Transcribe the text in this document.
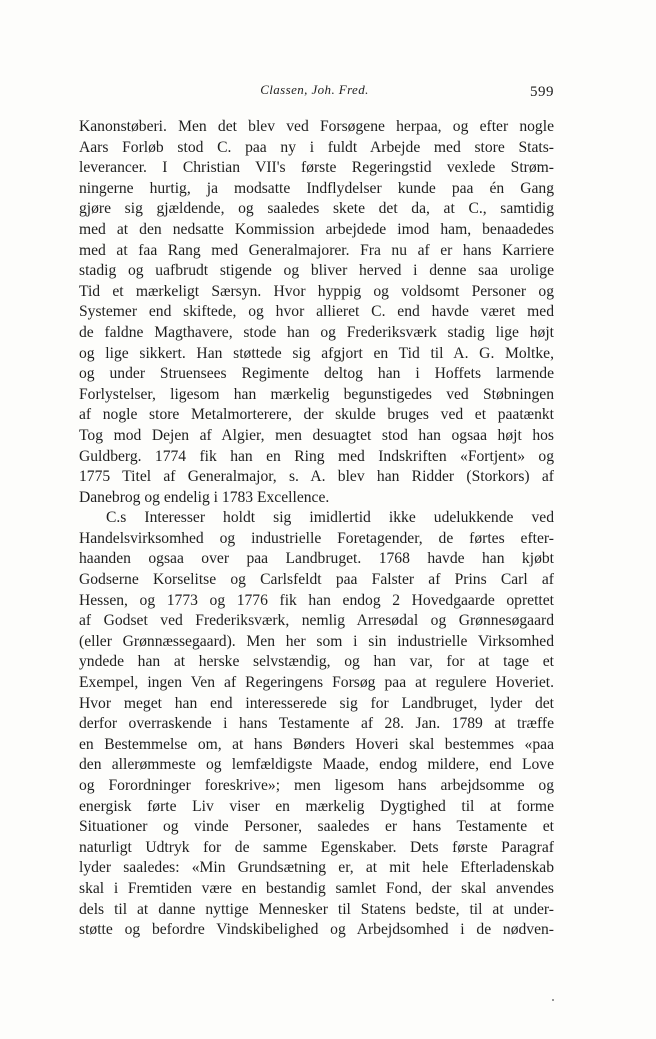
Classen, Joh. Fred.	599
Kanonstøberi. Men det blev ved Forsøgene herpaa, og efter nogle
Aars Forløb stod C. paa ny i fuldt Arbejde med store Stats-
leverancer. I Christian VII's første Regeringstid vexlede Strøm-
ningerne hurtig, ja modsatte Indflydelser kunde paa én Gang
gjøre sig gjældende, og saaledes skete det da, at C., samtidig
med at den nedsatte Kommission arbejdede imod ham, benaadedes
med at faa Rang med Generalmajorer. Fra nu af er hans Karriere
stadig og uafbrudt stigende og bliver herved i denne saa urolige
Tid et mærkeligt Særsyn. Hvor hyppig og voldsomt Personer og
Systemer end skiftede, og hvor allieret C. end havde været med
de faldne Magthavere, stode han og Frederiksværk stadig lige højt
og lige sikkert. Han støttede sig afgjort en Tid til A. G. Moltke,
og under Struensees Regimente deltog han i Hoffets larmende
Forlystelser, ligesom han mærkelig begunstigedes ved Støbningen
af nogle store Metalmorterere, der skulde bruges ved et paatænkt
Tog mod Dejen af Algier, men desuagtet stod han ogsaa højt hos
Guldberg. 1774 fik han en Ring med Indskriften «Fortjent» og
1775 Titel af Generalmajor, s. A. blev han Ridder (Storkors) af
Danebrog og endelig i 1783 Excellence.
C.s Interesser holdt sig imidlertid ikke udelukkende ved
Handelsvirksomhed og industrielle Foretagender, de førtes efter-
haanden ogsaa over paa Landbruget. 1768 havde han kjøbt
Godserne Korselitse og Carlsfeldt paa Falster af Prins Carl af
Hessen, og 1773 og 1776 fik han endog 2 Hovedgaarde oprettet
af Godset ved Frederiksværk, nemlig Arresødal og Grønnesøgaard
(eller Grønnæssegaard). Men her som i sin industrielle Virksomhed
yndede han at herske selvstændig, og han var, for at tage et
Exempel, ingen Ven af Regeringens Forsøg paa at regulere Hoveriet.
Hvor meget han end interesserede sig for Landbruget, lyder det
derfor overraskende i hans Testamente af 28. Jan. 1789 at træffe
en Bestemmelse om, at hans Bønders Hoveri skal bestemmes «paa
den allerømmeste og lemfældigste Maade, endog mildere, end Love
og Forordninger foreskrive»; men ligesom hans arbejdsomme og
energisk førte Liv viser en mærkelig Dygtighed til at forme
Situationer og vinde Personer, saaledes er hans Testamente et
naturligt Udtryk for de samme Egenskaber. Dets første Paragraf
lyder saaledes: «Min Grundsætning er, at mit hele Efterladenskab
skal i Fremtiden være en bestandig samlet Fond, der skal anvendes
dels til at danne nyttige Mennesker til Statens bedste, til at under-
støtte og befordre Vindskibelighed og Arbejdsomhed i de nødven-
